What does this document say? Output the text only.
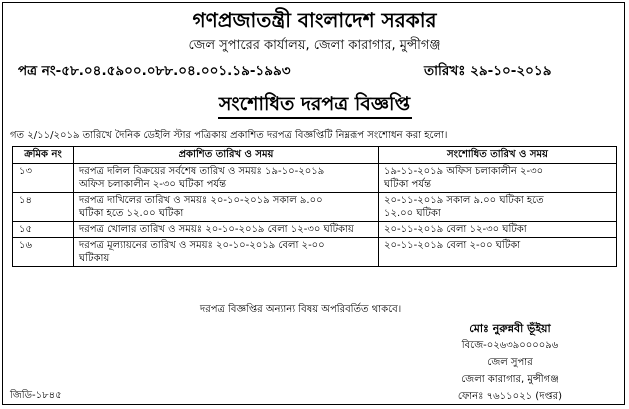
গণপ্রজাতন্ত্রী বাংলাদেশ সরকার
জেল সুপারের কার্যালয়, জেলা কারাগার, মুন্সীগঞ্জ
পত্র নং-৫৮.০৪.৫৯০০.০৮৮.০৪.০০১.১৯-১৯৯৩	তারিখঃ ২৯-১০-২০১৯
সংশোধিত দরপত্র বিজ্ঞপ্তি
গত ২/১১/২০১৯ তারিখে দৈনিক ডেইলি স্টার পত্রিকায় প্রকাশিত দরপত্র বিজ্ঞপ্তিটি নিম্নরূপ সংশোধন করা হলো।
ক্রমিক নং	প্রকাশিত তারিখ ও সময়	সংশোধিত তারিখ ও সময়
১৩	দরপত্র দলিল বিক্রয়ের সর্বশেষ তারিখ ও সময়ঃ ১৯-১০-২০১৯
অফিস চলাকালীন ২-৩০ ঘটিকা পর্যন্ত	১৯-১১-২০১৯ অফিস চলাকালীন ২-৩০
ঘটিকা পর্যন্ত

১৪	দরপত্র দাখিলের তারিখ ও সময়ঃ ২০-১০-২০১৯ সকাল ৯.০০
ঘটিকা হতে ১২.০০ ঘটিকা	২০-১১-২০১৯ সকাল ৯.০০ ঘটিকা হতে
১২.০০ ঘটিকা

১৫	দরপত্র খোলার তারিখ ও সময়ঃ ২০-১০-২০১৯ বেলা ১২-৩০ ঘটিকায়	২০-১১-২০১৯ বেলা ১২-৩০ ঘটিকা

১৬	দরপত্র মূল্যায়নের তারিখ ও সময়ঃ ২০-১০-২০১৯ বেলা ২-০০
ঘটিকায়	২০-১১-২০১৯ বেলা ২-০০ ঘটিকা
দরপত্র বিজ্ঞপ্তির অন্যান্য বিষয় অপরিবর্তিত থাকবে।
মোঃ নুরুন্নবী ভূঁইয়া
বিজে-০২৬৩৯০০০০৯৬
জেল সুপার
জেলা কারাগার, মুন্সীগঞ্জ
ফোনঃ ৭৬১১০২১ (দপ্তর)
জিডি-১৮৪৫
